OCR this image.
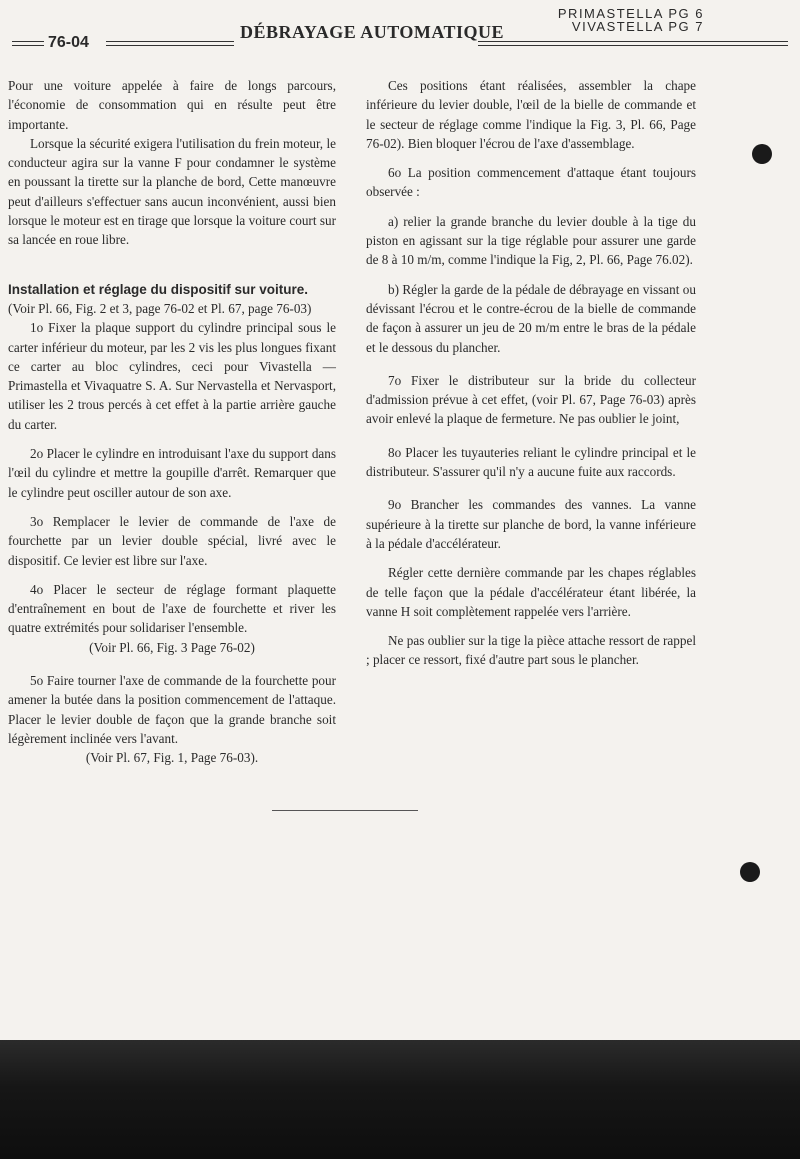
76-04
DÉBRAYAGE AUTOMATIQUE
PRIMASTELLA PG 6
VIVASTELLA PG 7

Pour une voiture appelée à faire de longs parcours, l'économie de consommation qui en résulte peut être importante.

Lorsque la sécurité exigera l'utilisation du frein moteur, le conducteur agira sur la vanne F pour condamner le système en poussant la tirette sur la planche de bord, Cette manœuvre peut d'ailleurs s'effectuer sans aucun inconvénient, aussi bien lorsque le moteur est en tirage que lorsque la voiture court sur sa lancée en roue libre.

Installation et réglage du dispositif sur voiture.

(Voir Pl. 66, Fig. 2 et 3, page 76-02 et Pl. 67, page 76-03)

1o Fixer la plaque support du cylindre principal sous le carter inférieur du moteur, par les 2 vis les plus longues fixant ce carter au bloc cylindres, ceci pour Vivastella — Primastella et Vivaquatre S. A. Sur Nervastella et Nervasport, utiliser les 2 trous percés à cet effet à la partie arrière gauche du carter.

2o Placer le cylindre en introduisant l'axe du support dans l'œil du cylindre et mettre la goupille d'arrêt. Remarquer que le cylindre peut osciller autour de son axe.

3o Remplacer le levier de commande de l'axe de fourchette par un levier double spécial, livré avec le dispositif. Ce levier est libre sur l'axe.

4o Placer le secteur de réglage formant plaquette d'entraînement en bout de l'axe de fourchette et river les quatre extrémités pour solidariser l'ensemble.

(Voir Pl. 66, Fig. 3 Page 76-02)

5o Faire tourner l'axe de commande de la fourchette pour amener la butée dans la position commencement de l'attaque. Placer le levier double de façon que la grande branche soit légèrement inclinée vers l'avant.

(Voir Pl. 67, Fig. 1, Page 76-03).

Ces positions étant réalisées, assembler la chape inférieure du levier double, l'œil de la bielle de commande et le secteur de réglage comme l'indique la Fig. 3, Pl. 66, Page 76-02). Bien bloquer l'écrou de l'axe d'assemblage.

6o La position commencement d'attaque étant toujours observée :

a) relier la grande branche du levier double à la tige du piston en agissant sur la tige réglable pour assurer une garde de 8 à 10 m/m, comme l'indique la Fig, 2, Pl. 66, Page 76.02).

b) Régler la garde de la pédale de débrayage en vissant ou dévissant l'écrou et le contre-écrou de la bielle de commande de façon à assurer un jeu de 20 m/m entre le bras de la pédale et le dessous du plancher.

7o Fixer le distributeur sur la bride du collecteur d'admission prévue à cet effet, (voir Pl. 67, Page 76-03) après avoir enlevé la plaque de fermeture. Ne pas oublier le joint,

8o Placer les tuyauteries reliant le cylindre principal et le distributeur. S'assurer qu'il n'y a aucune fuite aux raccords.

9o Brancher les commandes des vannes. La vanne supérieure à la tirette sur planche de bord, la vanne inférieure à la pédale d'accélérateur.

Régler cette dernière commande par les chapes réglables de telle façon que la pédale d'accélérateur étant libérée, la vanne H soit complètement rappelée vers l'arrière.

Ne pas oublier sur la tige la pièce attache ressort de rappel ; placer ce ressort, fixé d'autre part sous le plancher.
